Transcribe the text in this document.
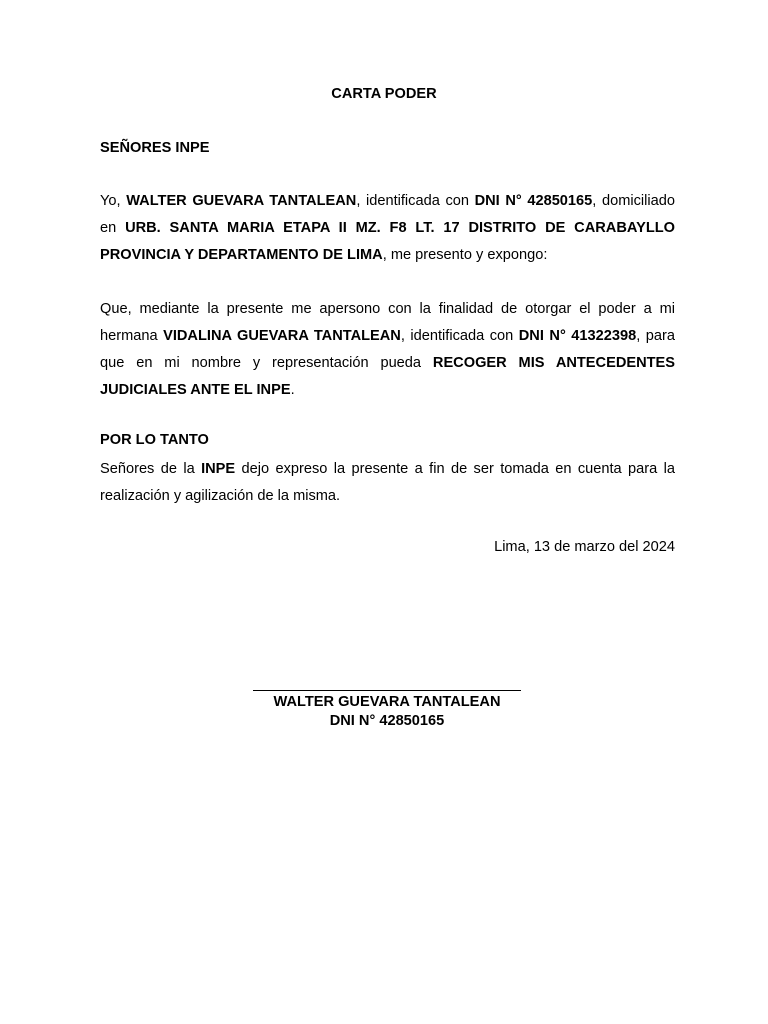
CARTA PODER

SEÑORES INPE

Yo, WALTER GUEVARA TANTALEAN, identificada con DNI N° 42850165, domiciliado en URB. SANTA MARIA ETAPA II MZ. F8 LT. 17 DISTRITO DE CARABAYLLO PROVINCIA Y DEPARTAMENTO DE LIMA, me presento y expongo:

Que, mediante la presente me apersono con la finalidad de otorgar el poder a mi hermana VIDALINA GUEVARA TANTALEAN, identificada con DNI N° 41322398, para que en mi nombre y representación pueda RECOGER MIS ANTECEDENTES JUDICIALES ANTE EL INPE.

POR LO TANTO

Señores de la INPE dejo expreso la presente a fin de ser tomada en cuenta para la realización y agilización de la misma.

Lima, 13 de marzo del 2024

WALTER GUEVARA TANTALEAN
DNI N° 42850165
